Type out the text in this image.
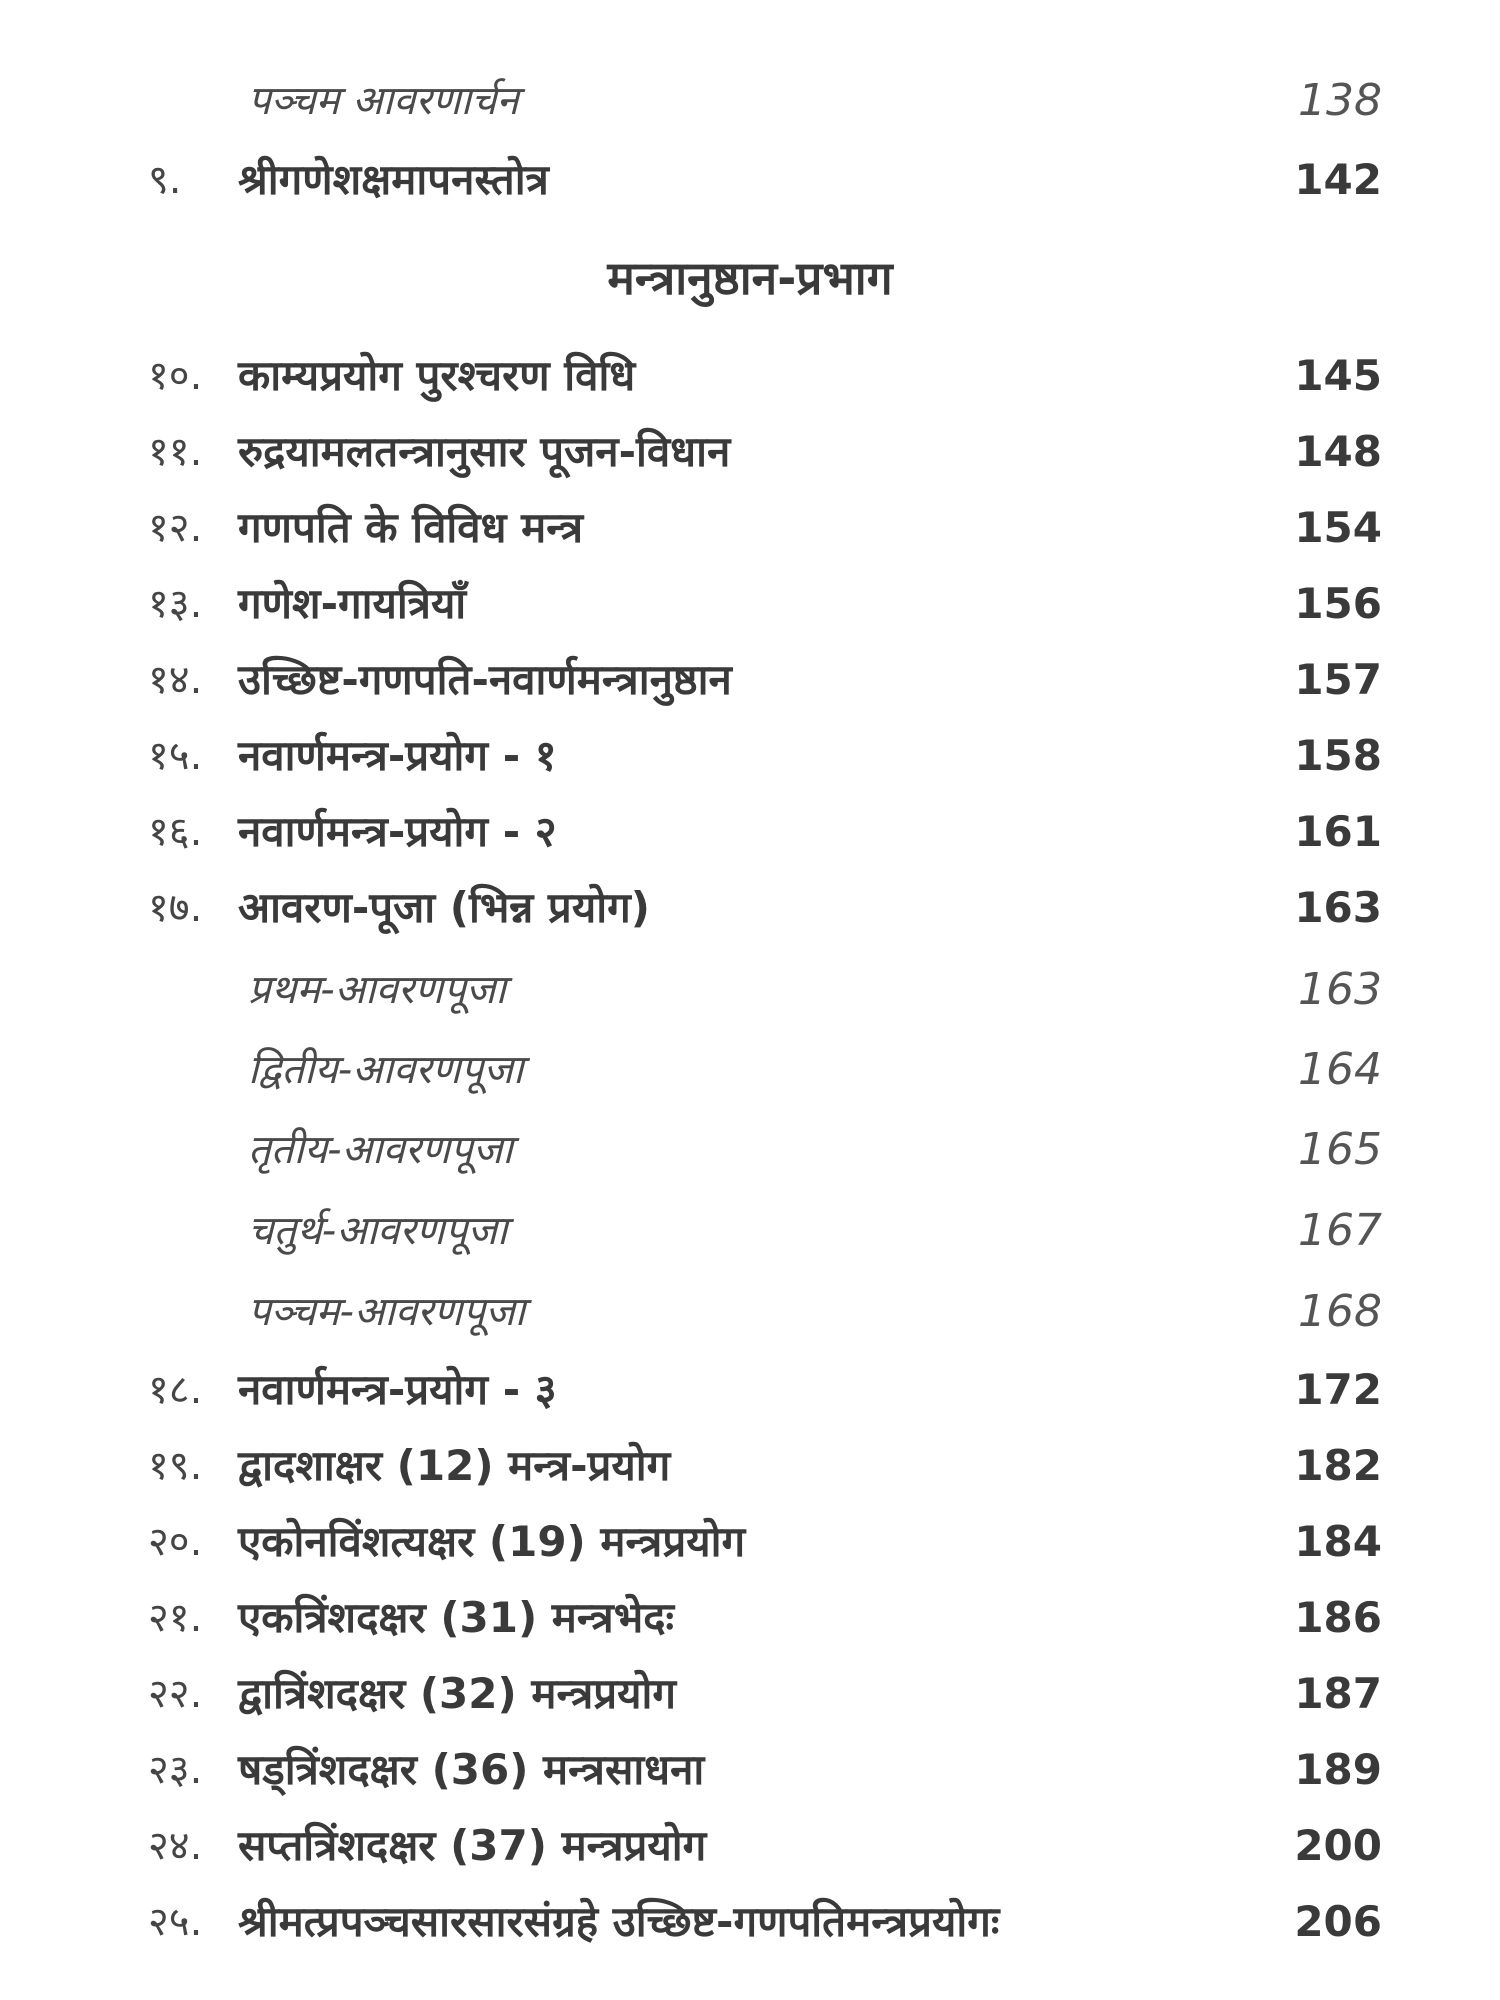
पञ्चम आवरणार्चन	138
९. श्रीगणेशक्षमापनस्तोत्र	142
मन्त्रानुष्ठान-प्रभाग
१०. काम्यप्रयोग पुरश्चरण विधि	145
११. रुद्रयामलतन्त्रानुसार पूजन-विधान	148
१२. गणपति के विविध मन्त्र	154
१३. गणेश-गायत्रियाँ	156
१४. उच्छिष्ट-गणपति-नवार्णमन्त्रानुष्ठान	157
१५. नवार्णमन्त्र-प्रयोग - १	158
१६. नवार्णमन्त्र-प्रयोग - २	161
१७. आवरण-पूजा (भिन्न प्रयोग)	163
प्रथम-आवरणपूजा	163
द्वितीय-आवरणपूजा	164
तृतीय-आवरणपूजा	165
चतुर्थ-आवरणपूजा	167
पञ्चम-आवरणपूजा	168
१८. नवार्णमन्त्र-प्रयोग - ३	172
१९. द्वादशाक्षर (12) मन्त्र-प्रयोग	182
२०. एकोनविंशत्यक्षर (19) मन्त्रप्रयोग	184
२१. एकत्रिंशदक्षर (31) मन्त्रभेदः	186
२२. द्वात्रिंशदक्षर (32) मन्त्रप्रयोग	187
२३. षड्त्रिंशदक्षर (36) मन्त्रसाधना	189
२४. सप्तत्रिंशदक्षर (37) मन्त्रप्रयोग	200
२५. श्रीमत्प्रपञ्चसारसारसंग्रहे उच्छिष्ट-गणपतिमन्त्रप्रयोगः	206
